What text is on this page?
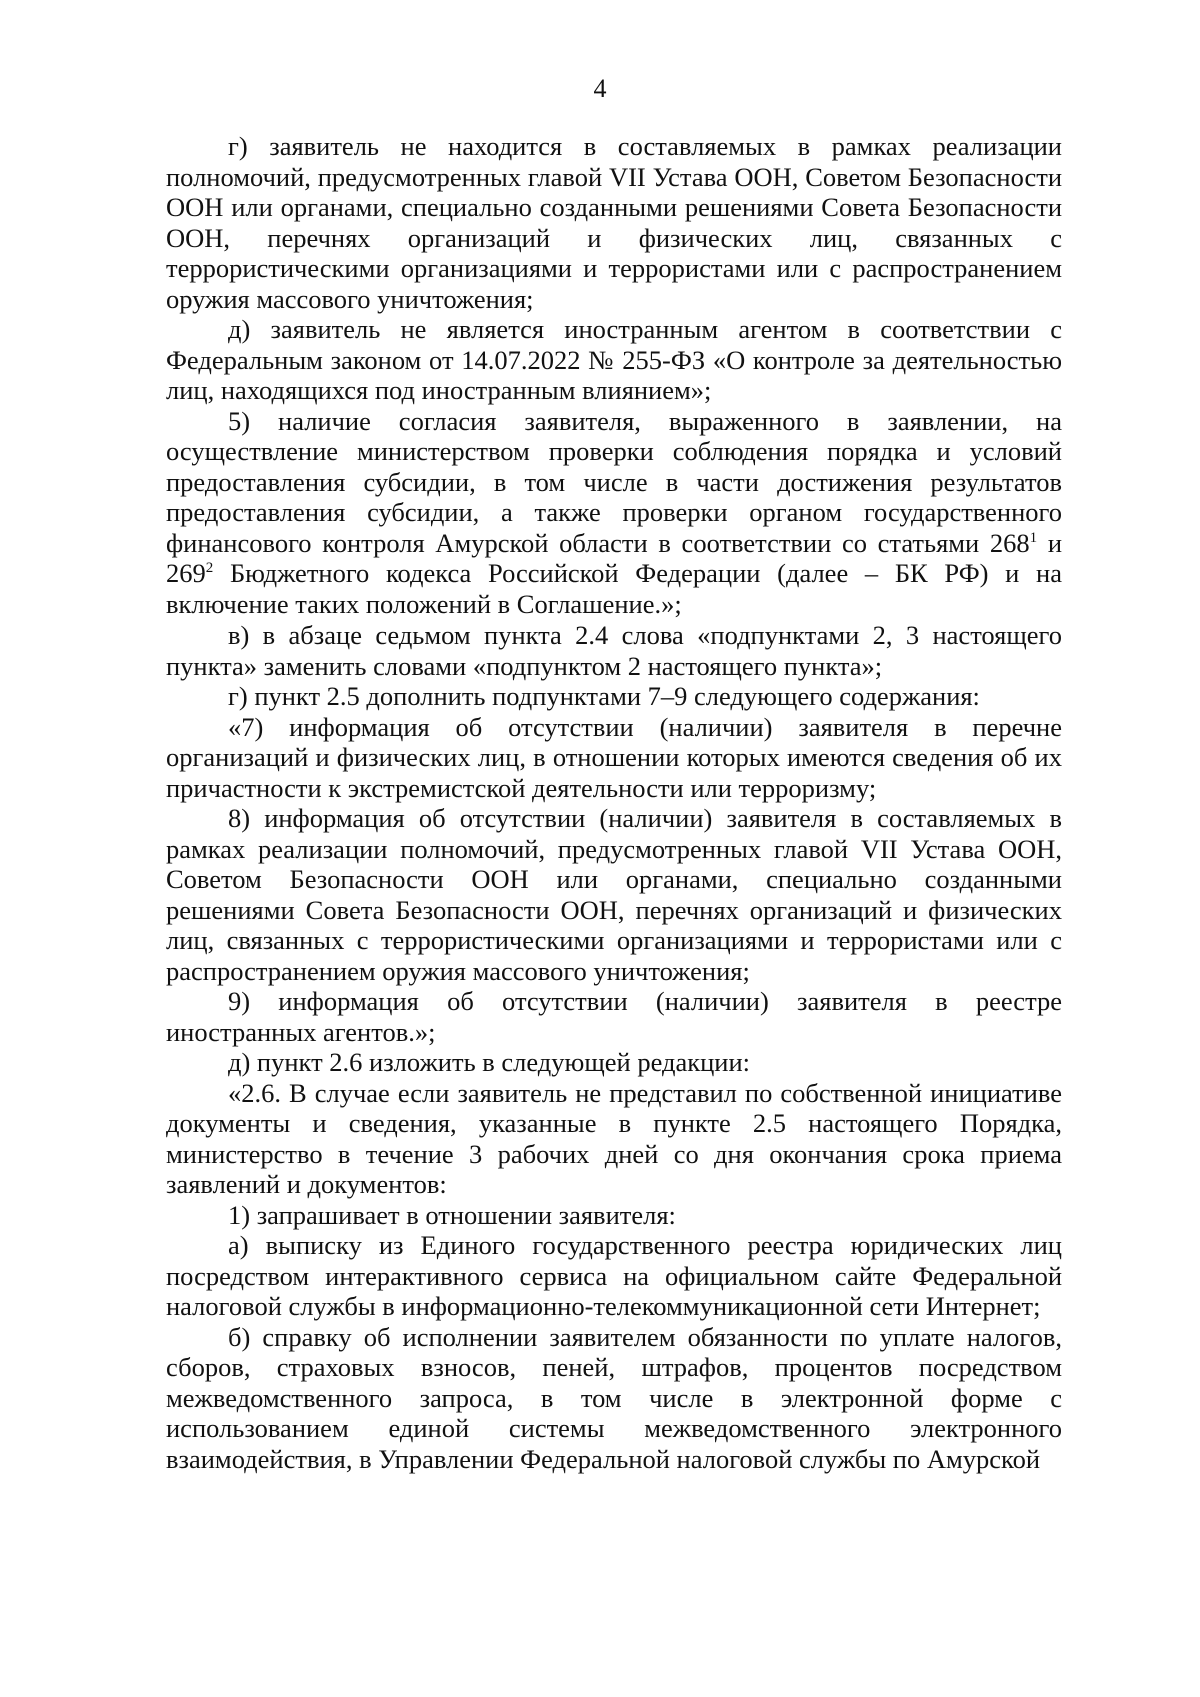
4

г) заявитель не находится в составляемых в рамках реализации полномочий, предусмотренных главой VII Устава ООН, Советом Безопасности ООН или органами, специально созданными решениями Совета Безопасности ООН, перечнях организаций и физических лиц, связанных с террористическими организациями и террористами или с распространением оружия массового уничтожения;

д) заявитель не является иностранным агентом в соответствии с Федеральным законом от 14.07.2022 № 255-ФЗ «О контроле за деятельностью лиц, находящихся под иностранным влиянием»;

5) наличие согласия заявителя, выраженного в заявлении, на осуществление министерством проверки соблюдения порядка и условий предоставления субсидии, в том числе в части достижения результатов предоставления субсидии, а также проверки органом государственного финансового контроля Амурской области в соответствии со статьями $268^1$ и $269^2$ Бюджетного кодекса Российской Федерации (далее – БК РФ) и на включение таких положений в Соглашение.»;

в) в абзаце седьмом пункта 2.4 слова «подпунктами 2, 3 настоящего пункта» заменить словами «подпунктом 2 настоящего пункта»;

г) пункт 2.5 дополнить подпунктами 7–9 следующего содержания:

«7) информация об отсутствии (наличии) заявителя в перечне организаций и физических лиц, в отношении которых имеются сведения об их причастности к экстремистской деятельности или терроризму;

8) информация об отсутствии (наличии) заявителя в составляемых в рамках реализации полномочий, предусмотренных главой VII Устава ООН, Советом Безопасности ООН или органами, специально созданными решениями Совета Безопасности ООН, перечнях организаций и физических лиц, связанных с террористическими организациями и террористами или с распространением оружия массового уничтожения;

9) информация об отсутствии (наличии) заявителя в реестре иностранных агентов.»;

д) пункт 2.6 изложить в следующей редакции:

«2.6. В случае если заявитель не представил по собственной инициативе документы и сведения, указанные в пункте 2.5 настоящего Порядка, министерство в течение 3 рабочих дней со дня окончания срока приема заявлений и документов:

1) запрашивает в отношении заявителя:

а) выписку из Единого государственного реестра юридических лиц посредством интерактивного сервиса на официальном сайте Федеральной налоговой службы в информационно-телекоммуникационной сети Интернет;

б) справку об исполнении заявителем обязанности по уплате налогов, сборов, страховых взносов, пеней, штрафов, процентов посредством межведомственного запроса, в том числе в электронной форме с использованием единой системы межведомственного электронного взаимодействия, в Управлении Федеральной налоговой службы по Амурской
